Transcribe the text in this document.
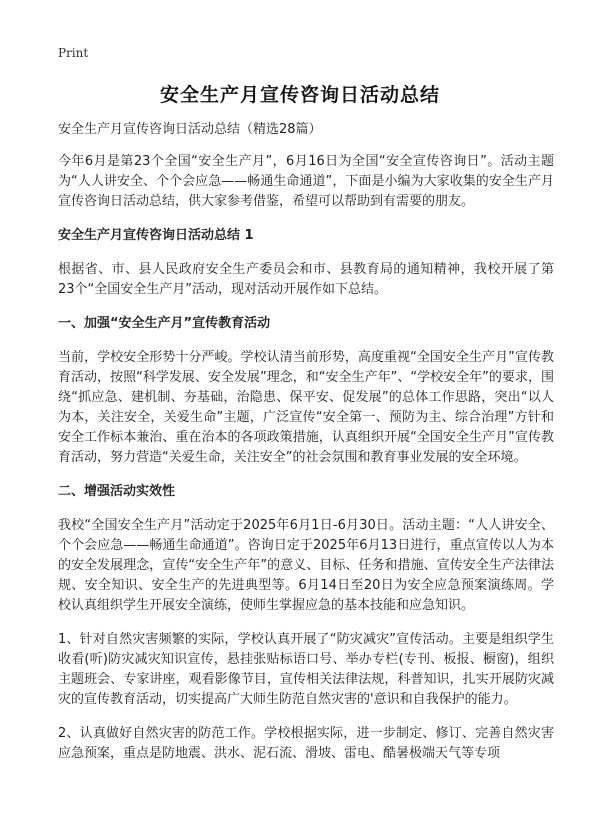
Print
安全生产月宣传咨询日活动总结
安全生产月宣传咨询日活动总结（精选28篇）

今年6月是第23个全国“安全生产月”，6月16日为全国“安全宣传咨询日”。活动主题为“人人讲安全、个个会应急——畅通生命通道”，下面是小编为大家收集的安全生产月宣传咨询日活动总结，供大家参考借鉴，希望可以帮助到有需要的朋友。

安全生产月宣传咨询日活动总结 1

根据省、市、县人民政府安全生产委员会和市、县教育局的通知精神，我校开展了第23个“全国安全生产月”活动，现对活动开展作如下总结。

一、加强“安全生产月”宣传教育活动

当前，学校安全形势十分严峻。学校认清当前形势，高度重视“全国安全生产月”宣传教育活动，按照“科学发展、安全发展”理念，和“安全生产年”、“学校安全年”的要求，围绕“抓应急、建机制、夯基础，治隐患、保平安、促发展”的总体工作思路，突出“以人为本，关注安全，关爱生命”主题，广泛宣传“安全第一、预防为主、综合治理”方针和安全工作标本兼治、重在治本的各项政策措施，认真组织开展“全国安全生产月”宣传教育活动，努力营造“关爱生命，关注安全”的社会氛围和教育事业发展的安全环境。

二、增强活动实效性

我校“全国安全生产月”活动定于2025年6月1日-6月30日。活动主题：“人人讲安全、个个会应急——畅通生命通道”。咨询日定于2025年6月13日进行，重点宣传以人为本的安全发展理念，宣传“安全生产年”的意义、目标、任务和措施、宣传安全生产法律法规、安全知识、安全生产的先进典型等。6月14日至20日为安全应急预案演练周。学校认真组织学生开展安全演练，使师生掌握应急的基本技能和应急知识。

1、针对自然灾害频繁的实际，学校认真开展了“防灾减灾”宣传活动。主要是组织学生收看(听)防灾减灾知识宣传，悬挂张贴标语口号、举办专栏(专刊、板报、橱窗)，组织主题班会、专家讲座，观看影像节目，宣传相关法律法规，科普知识，扎实开展防灾减灾的宣传教育活动，切实提高广大师生防范自然灾害的'意识和自我保护的能力。

2、认真做好自然灾害的防范工作。学校根据实际，进一步制定、修订、完善自然灾害应急预案，重点是防地震、洪水、泥石流、滑坡、雷电、酷暑极端天气等专项
